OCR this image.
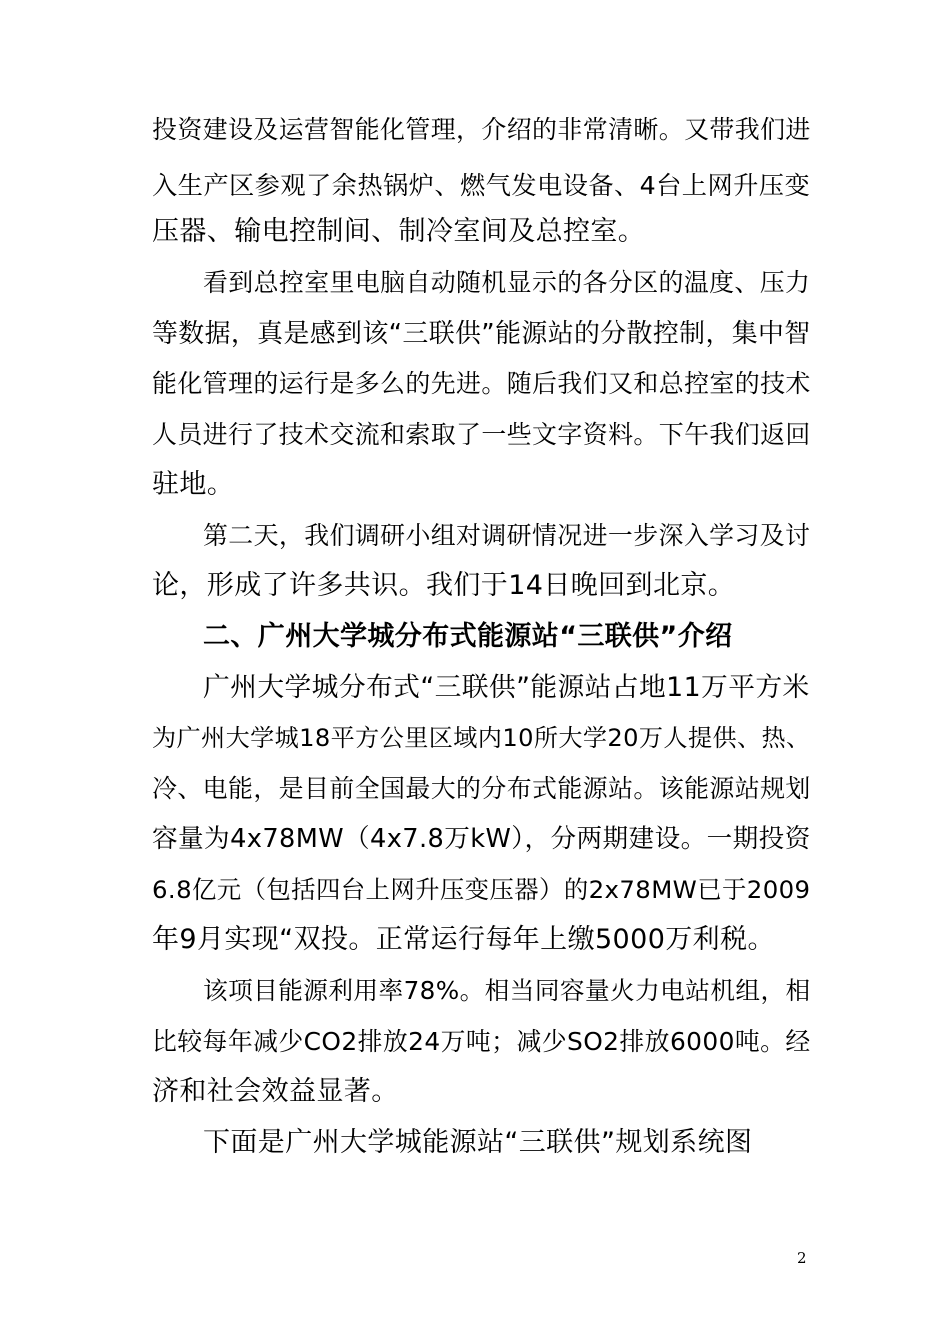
投资建设及运营智能化管理，介绍的非常清晰。又带我们进
入生产区参观了余热锅炉、燃气发电设备、4台上网升压变
压器、输电控制间、制冷室间及总控室。
看到总控室里电脑自动随机显示的各分区的温度、压力
等数据，真是感到该“三联供”能源站的分散控制，集中智
能化管理的运行是多么的先进。随后我们又和总控室的技术
人员进行了技术交流和索取了一些文字资料。下午我们返回
驻地。
第二天，我们调研小组对调研情况进一步深入学习及讨
论，形成了许多共识。我们于14日晚回到北京。
二、广州大学城分布式能源站“三联供”介绍
广州大学城分布式“三联供”能源站占地11万平方米
为广州大学城18平方公里区域内10所大学20万人提供、热、
冷、电能，是目前全国最大的分布式能源站。该能源站规划
容量为4x78MW（4x7.8万kW），分两期建设。一期投资
6.8亿元（包括四台上网升压变压器）的2x78MW已于2009
年9月实现“双投。正常运行每年上缴5000万利税。
该项目能源利用率78%。相当同容量火力电站机组，相
比较每年减少CO2排放24万吨；减少SO2排放6000吨。经
济和社会效益显著。
下面是广州大学城能源站“三联供”规划系统图
2
